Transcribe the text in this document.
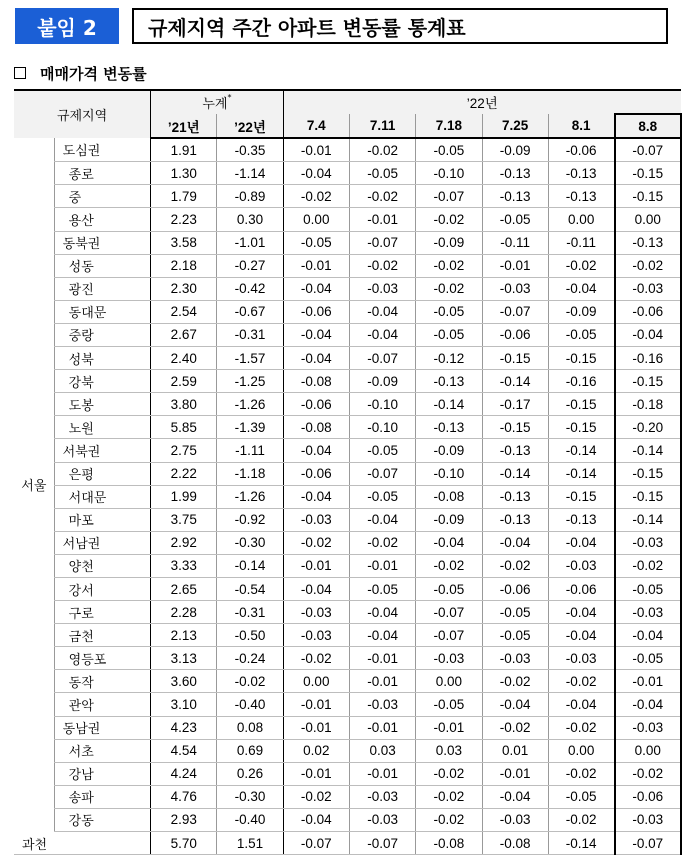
붙임 2	규제지역 주간 아파트 변동률 통계표
매매가격 변동률
규제지역		누계*		’22년					
		’21년	’22년	7.4	7.11	7.18	7.25	8.1	8.8
서울	도심권	1.91	-0.35	-0.01	-0.02	-0.05	-0.09	-0.06	-0.07
	종로	1.30	-1.14	-0.04	-0.05	-0.10	-0.13	-0.13	-0.15
	중	1.79	-0.89	-0.02	-0.02	-0.07	-0.13	-0.13	-0.15
	용산	2.23	0.30	0.00	-0.01	-0.02	-0.05	0.00	0.00
	동북권	3.58	-1.01	-0.05	-0.07	-0.09	-0.11	-0.11	-0.13
	성동	2.18	-0.27	-0.01	-0.02	-0.02	-0.01	-0.02	-0.02
	광진	2.30	-0.42	-0.04	-0.03	-0.02	-0.03	-0.04	-0.03
	동대문	2.54	-0.67	-0.06	-0.04	-0.05	-0.07	-0.09	-0.06
	중랑	2.67	-0.31	-0.04	-0.04	-0.05	-0.06	-0.05	-0.04
	성북	2.40	-1.57	-0.04	-0.07	-0.12	-0.15	-0.15	-0.16
	강북	2.59	-1.25	-0.08	-0.09	-0.13	-0.14	-0.16	-0.15
	도봉	3.80	-1.26	-0.06	-0.10	-0.14	-0.17	-0.15	-0.18
	노원	5.85	-1.39	-0.08	-0.10	-0.13	-0.15	-0.15	-0.20
	서북권	2.75	-1.11	-0.04	-0.05	-0.09	-0.13	-0.14	-0.14
	은평	2.22	-1.18	-0.06	-0.07	-0.10	-0.14	-0.14	-0.15
	서대문	1.99	-1.26	-0.04	-0.05	-0.08	-0.13	-0.15	-0.15
	마포	3.75	-0.92	-0.03	-0.04	-0.09	-0.13	-0.13	-0.14
	서남권	2.92	-0.30	-0.02	-0.02	-0.04	-0.04	-0.04	-0.03
	양천	3.33	-0.14	-0.01	-0.01	-0.02	-0.02	-0.03	-0.02
	강서	2.65	-0.54	-0.04	-0.05	-0.05	-0.06	-0.06	-0.05
	구로	2.28	-0.31	-0.03	-0.04	-0.07	-0.05	-0.04	-0.03
	금천	2.13	-0.50	-0.03	-0.04	-0.07	-0.05	-0.04	-0.04
	영등포	3.13	-0.24	-0.02	-0.01	-0.03	-0.03	-0.03	-0.05
	동작	3.60	-0.02	0.00	-0.01	0.00	-0.02	-0.02	-0.01
	관악	3.10	-0.40	-0.01	-0.03	-0.05	-0.04	-0.04	-0.04
	동남권	4.23	0.08	-0.01	-0.01	-0.01	-0.02	-0.02	-0.03
	서초	4.54	0.69	0.02	0.03	0.03	0.01	0.00	0.00
	강남	4.24	0.26	-0.01	-0.01	-0.02	-0.01	-0.02	-0.02
	송파	4.76	-0.30	-0.02	-0.03	-0.02	-0.04	-0.05	-0.06
	강동	2.93	-0.40	-0.04	-0.03	-0.02	-0.03	-0.02	-0.03
과천		5.70	1.51	-0.07	-0.07	-0.08	-0.08	-0.14	-0.07
